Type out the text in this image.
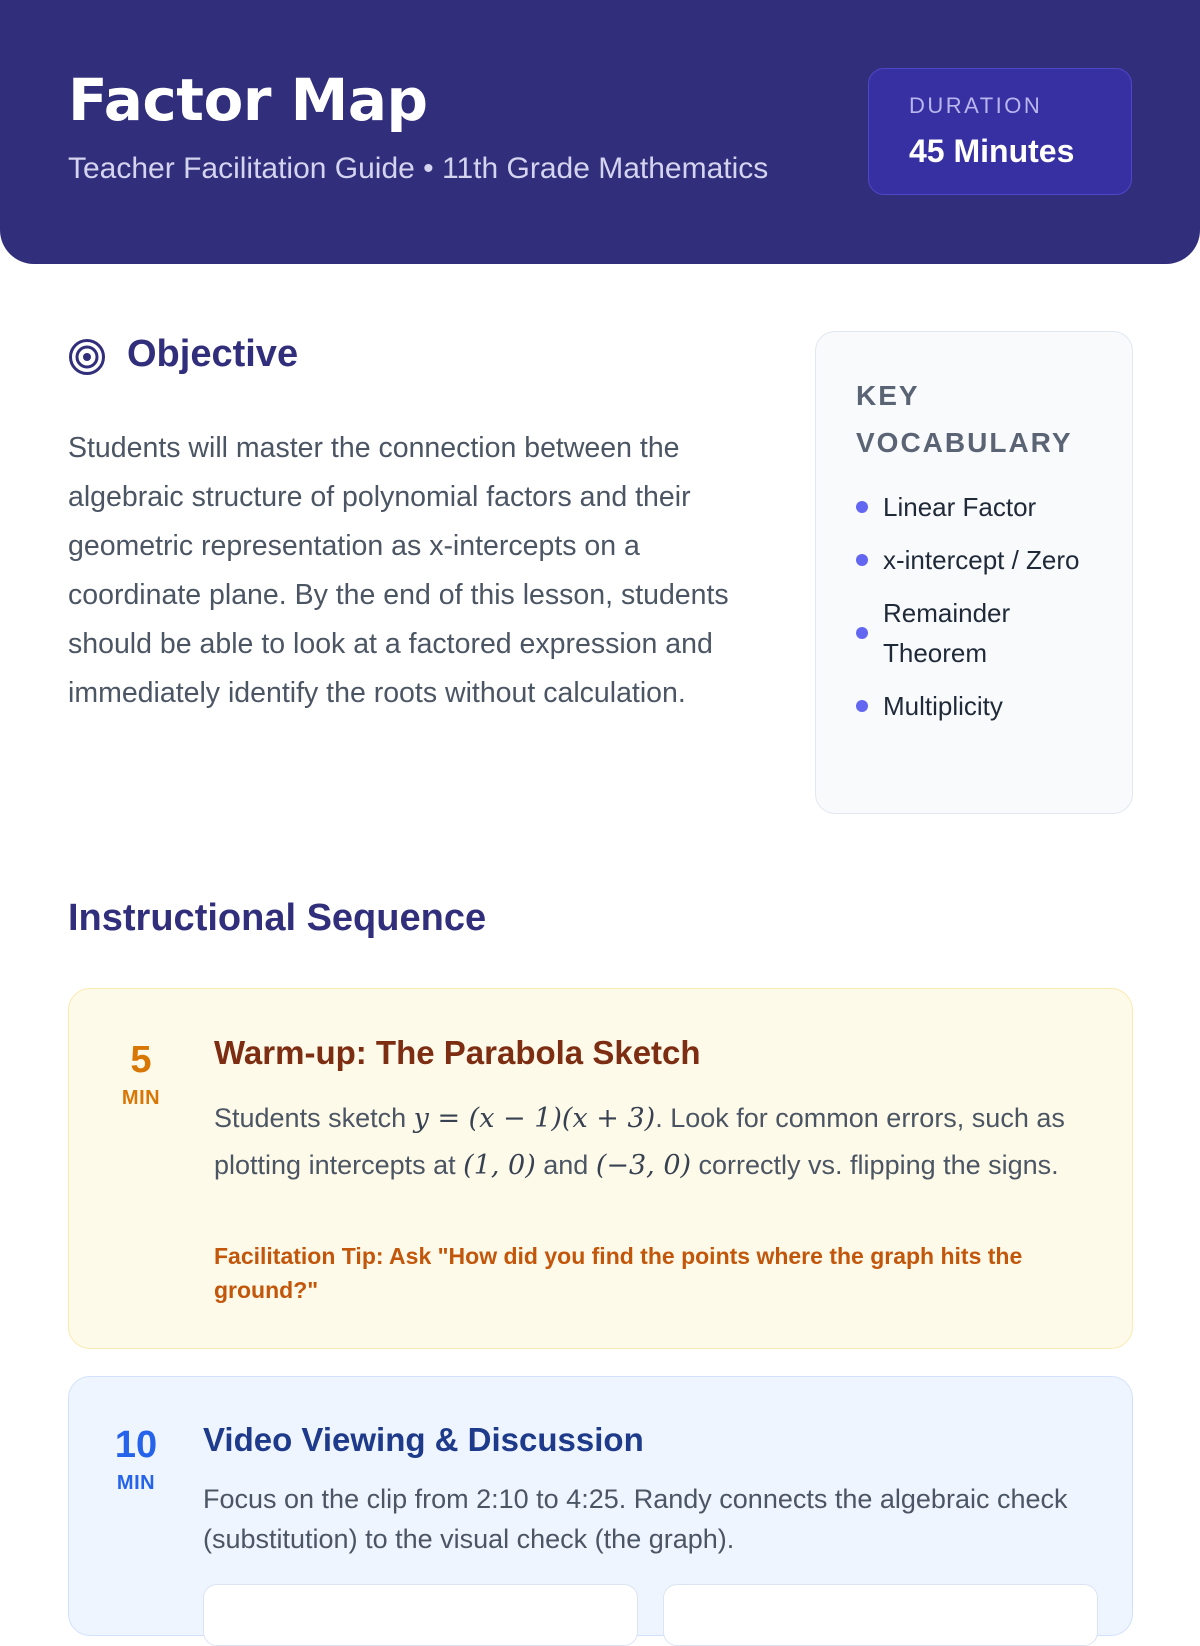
Factor Map
Teacher Facilitation Guide • 11th Grade Mathematics
DURATION
45 Minutes
Objective
Students will master the connection between the algebraic structure of polynomial factors and their geometric representation as x-intercepts on a coordinate plane. By the end of this lesson, students should be able to look at a factored expression and immediately identify the roots without calculation.
KEY VOCABULARY
Linear Factor
x-intercept / Zero
Remainder Theorem
Multiplicity
Instructional Sequence
5
MIN
Warm-up: The Parabola Sketch
Students sketch y = (x − 1)(x + 3). Look for common errors, such as plotting intercepts at (1, 0) and (−3, 0) correctly vs. flipping the signs.
Facilitation Tip: Ask "How did you find the points where the graph hits the ground?"
10
MIN
Video Viewing & Discussion
Focus on the clip from 2:10 to 4:25. Randy connects the algebraic check (substitution) to the visual check (the graph).
